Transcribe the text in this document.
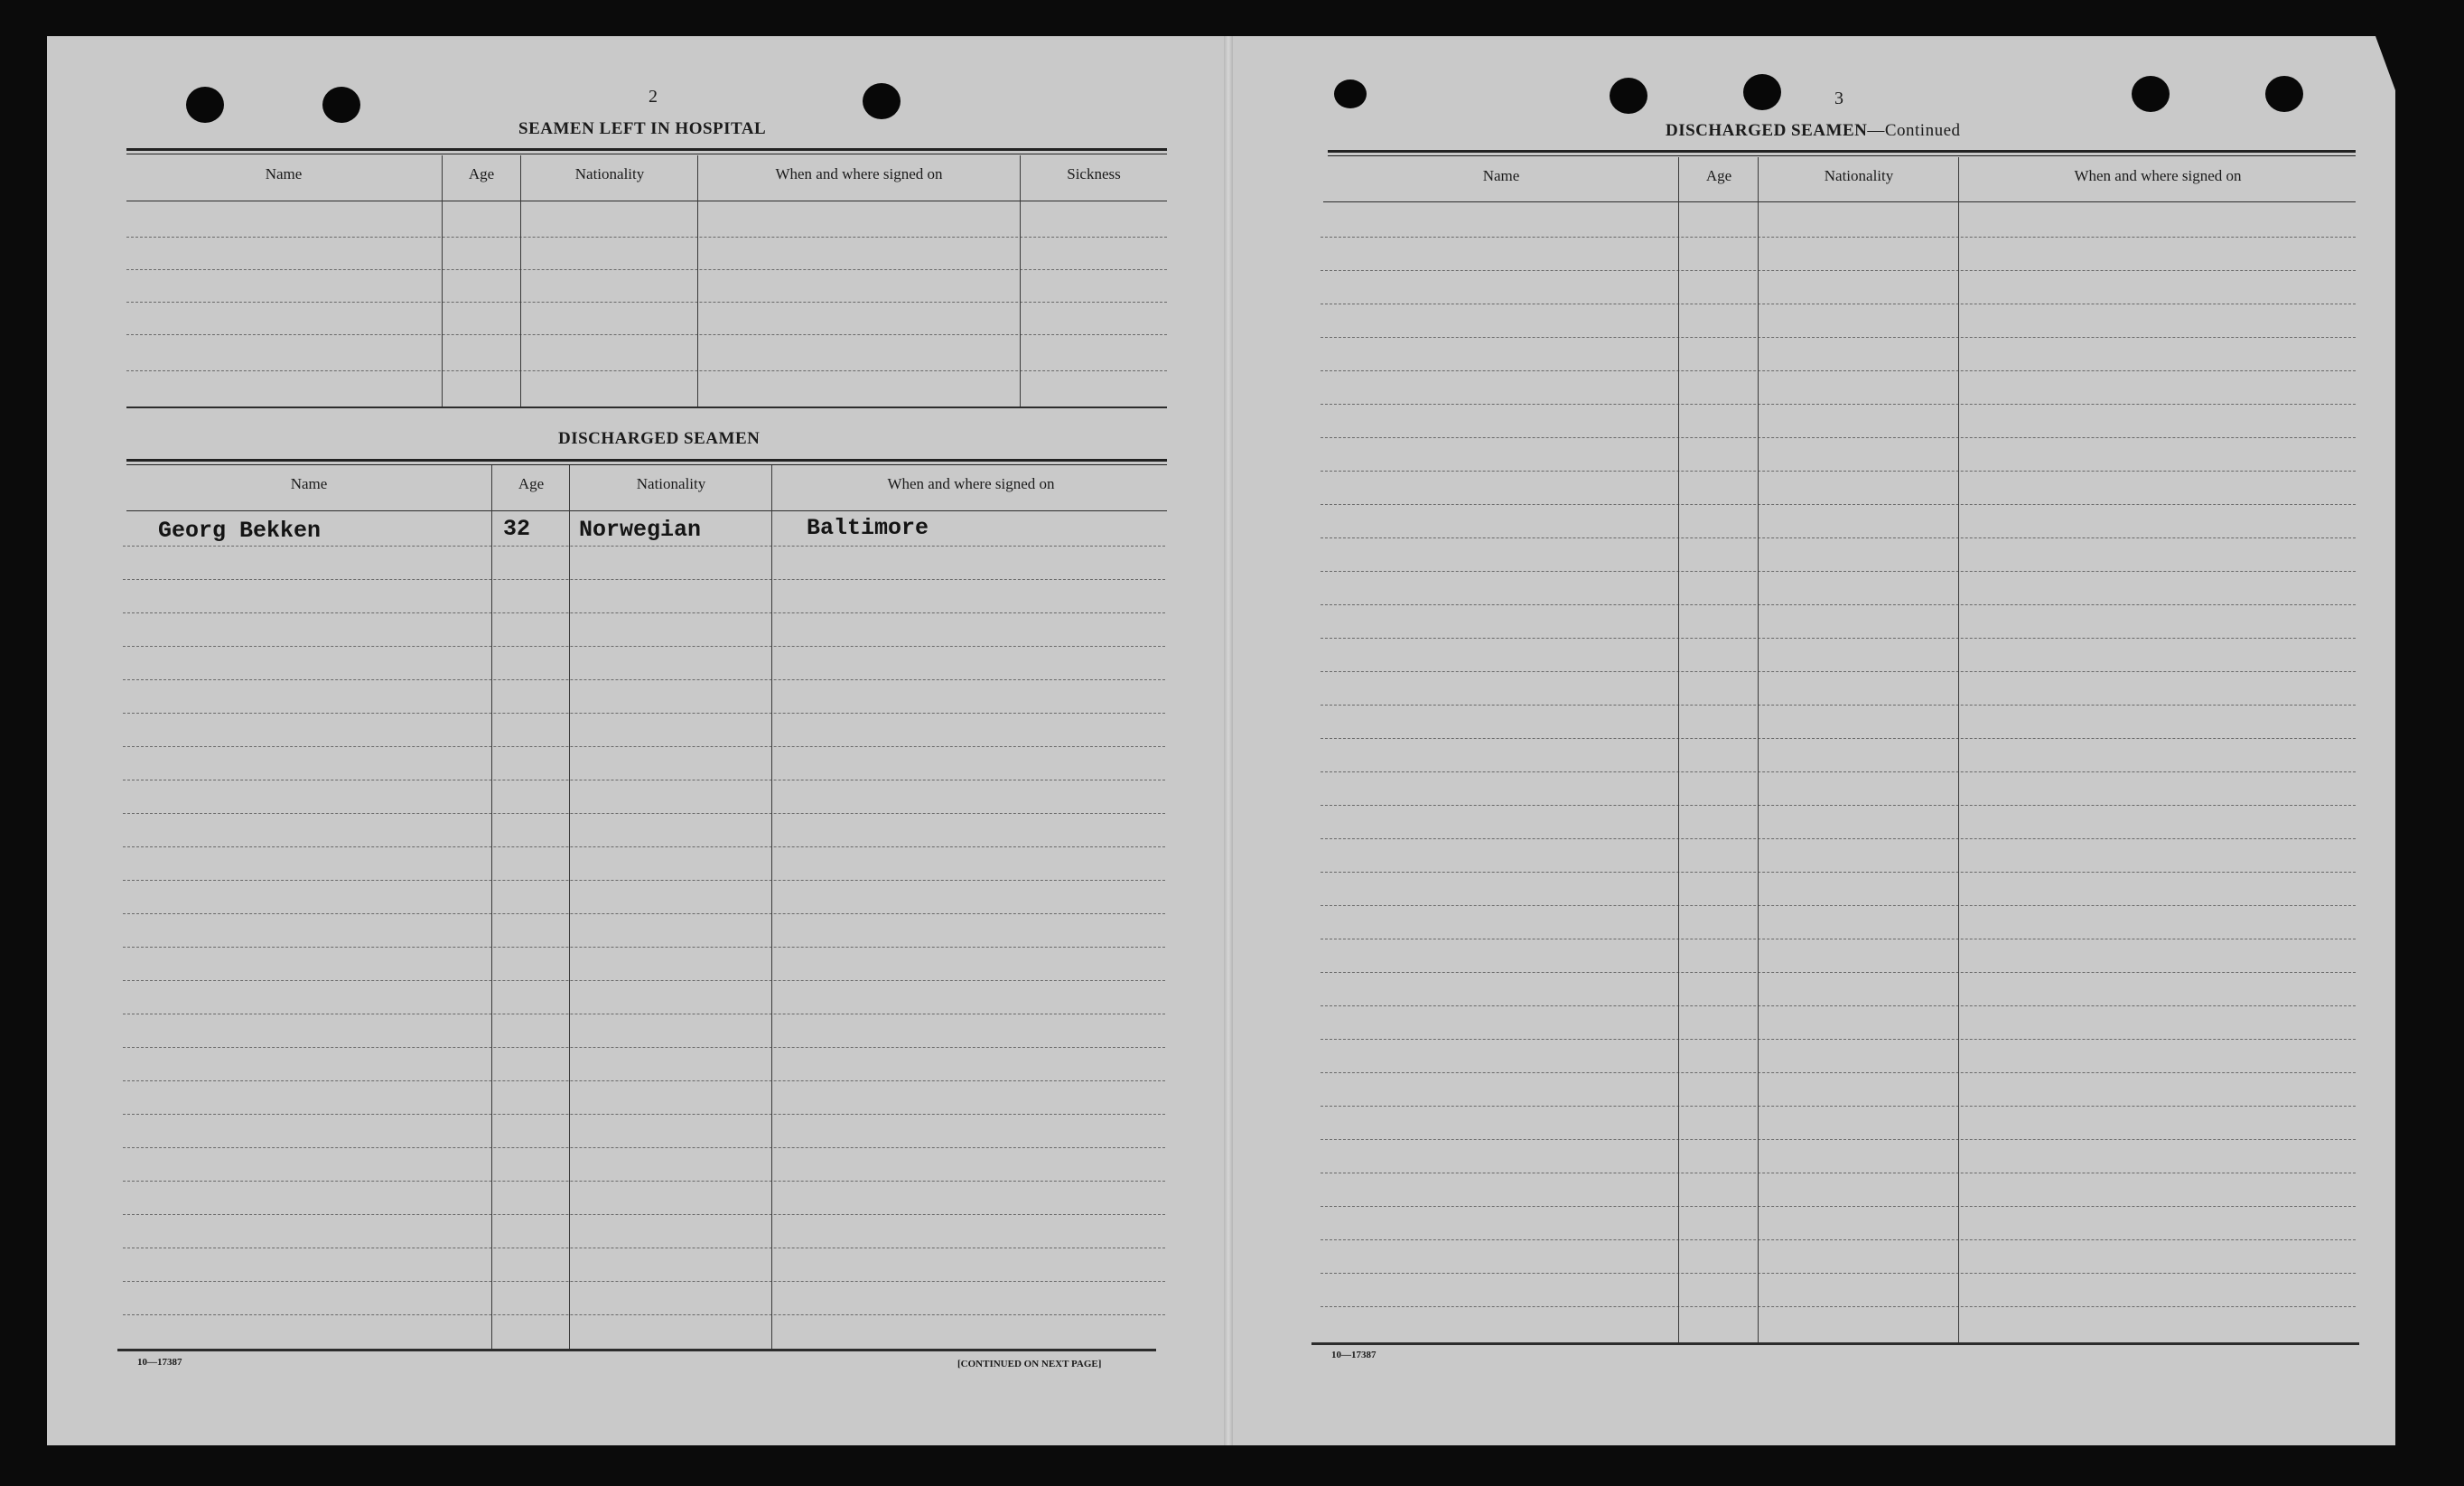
2
SEAMEN LEFT IN HOSPITAL
Name	Age	Nationality	When and where signed on	Sickness
DISCHARGED SEAMEN
Name	Age	Nationality	When and where signed on
Georg Bekken	32 Norwegian	Baltimore
10—17387	[CONTINUED ON NEXT PAGE]
3
DISCHARGED SEAMEN—Continued
Name	Age	Nationality	When and where signed on
10—17387
